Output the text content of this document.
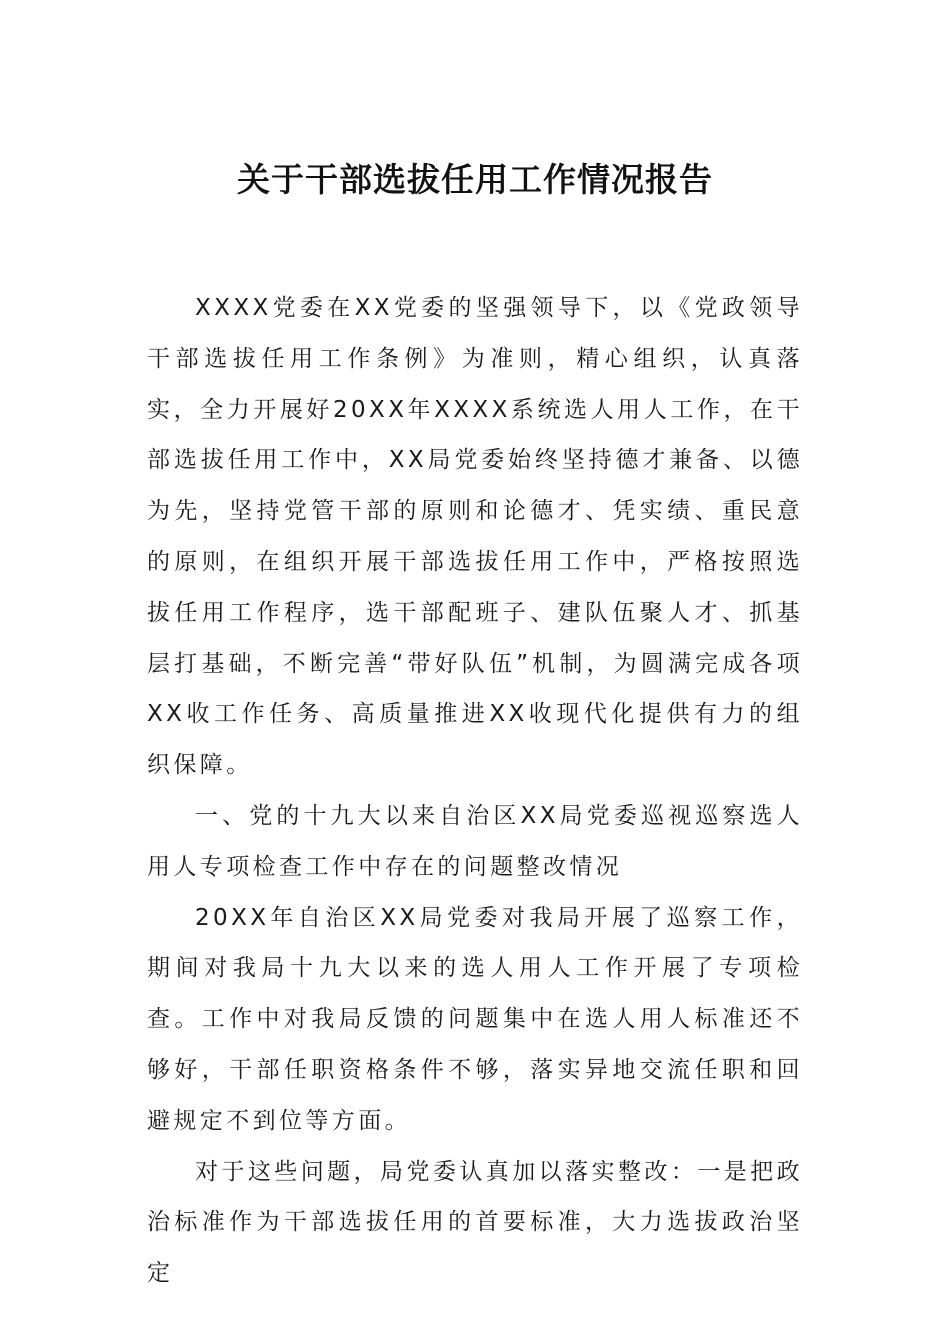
关于干部选拔任用工作情况报告

XXXX党委在XX党委的坚强领导下，以《党政领导干部选拔任用工作条例》为准则，精心组织，认真落实，全力开展好20XX年XXXX系统选人用人工作，在干部选拔任用工作中，XX局党委始终坚持德才兼备、以德为先，坚持党管干部的原则和论德才、凭实绩、重民意的原则，在组织开展干部选拔任用工作中，严格按照选拔任用工作程序，选干部配班子、建队伍聚人才、抓基层打基础，不断完善“带好队伍”机制，为圆满完成各项XX收工作任务、高质量推进XX收现代化提供有力的组织保障。

一、党的十九大以来自治区XX局党委巡视巡察选人用人专项检查工作中存在的问题整改情况

20XX年自治区XX局党委对我局开展了巡察工作，期间对我局十九大以来的选人用人工作开展了专项检查。工作中对我局反馈的问题集中在选人用人标准还不够好，干部任职资格条件不够，落实异地交流任职和回避规定不到位等方面。

对于这些问题，局党委认真加以落实整改：一是把政治标准作为干部选拔任用的首要标准，大力选拔政治坚定
